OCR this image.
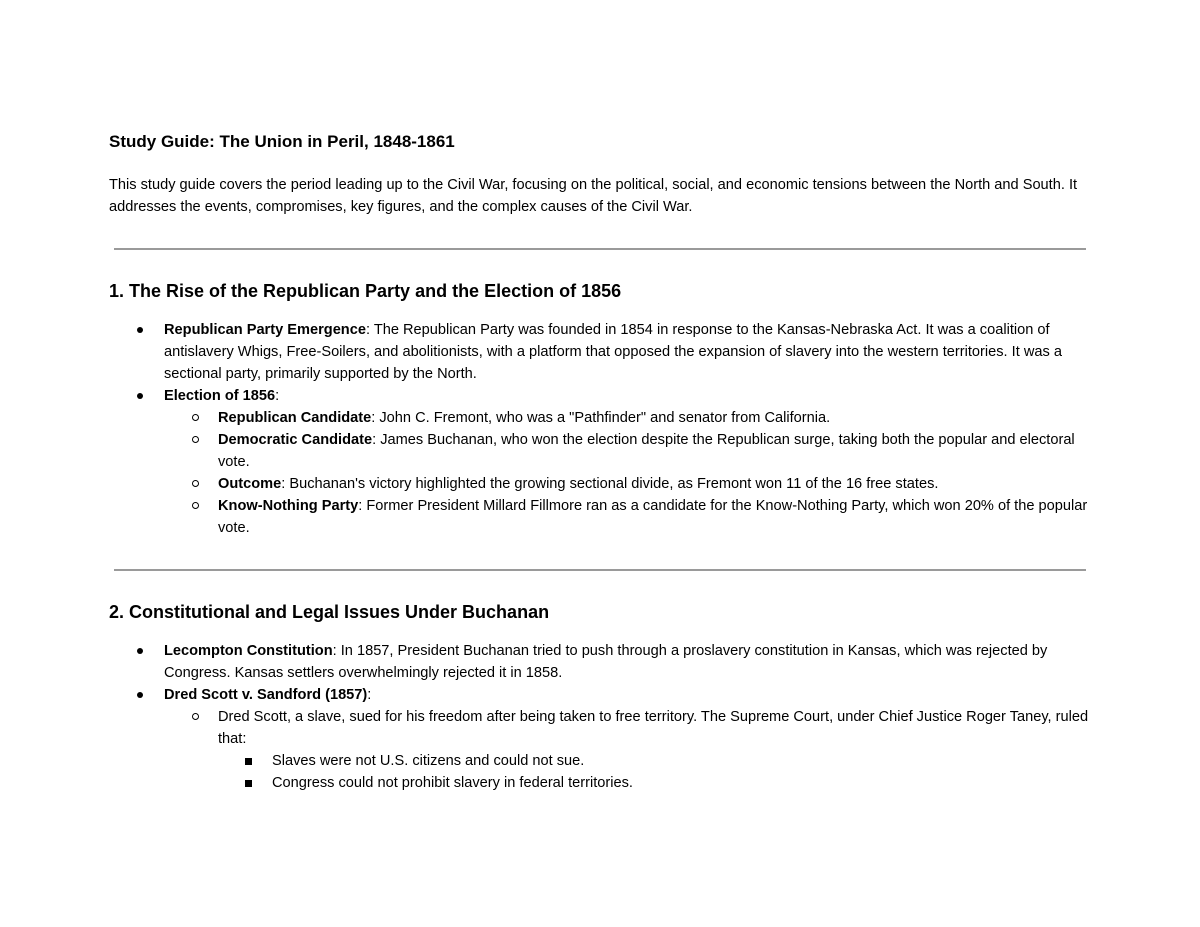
Study Guide: The Union in Peril, 1848-1861

This study guide covers the period leading up to the Civil War, focusing on the political, social, and economic tensions between the North and South. It addresses the events, compromises, key figures, and the complex causes of the Civil War.

1. The Rise of the Republican Party and the Election of 1856
Republican Party Emergence: The Republican Party was founded in 1854 in response to the Kansas-Nebraska Act. It was a coalition of antislavery Whigs, Free-Soilers, and abolitionists, with a platform that opposed the expansion of slavery into the western territories. It was a sectional party, primarily supported by the North.
Election of 1856:
Republican Candidate: John C. Fremont, who was a "Pathfinder" and senator from California.
Democratic Candidate: James Buchanan, who won the election despite the Republican surge, taking both the popular and electoral vote.
Outcome: Buchanan's victory highlighted the growing sectional divide, as Fremont won 11 of the 16 free states.
Know-Nothing Party: Former President Millard Fillmore ran as a candidate for the Know-Nothing Party, which won 20% of the popular vote.
2. Constitutional and Legal Issues Under Buchanan
Lecompton Constitution: In 1857, President Buchanan tried to push through a proslavery constitution in Kansas, which was rejected by Congress. Kansas settlers overwhelmingly rejected it in 1858.
Dred Scott v. Sandford (1857):
Dred Scott, a slave, sued for his freedom after being taken to free territory. The Supreme Court, under Chief Justice Roger Taney, ruled that:
Slaves were not U.S. citizens and could not sue.
Congress could not prohibit slavery in federal territories.
